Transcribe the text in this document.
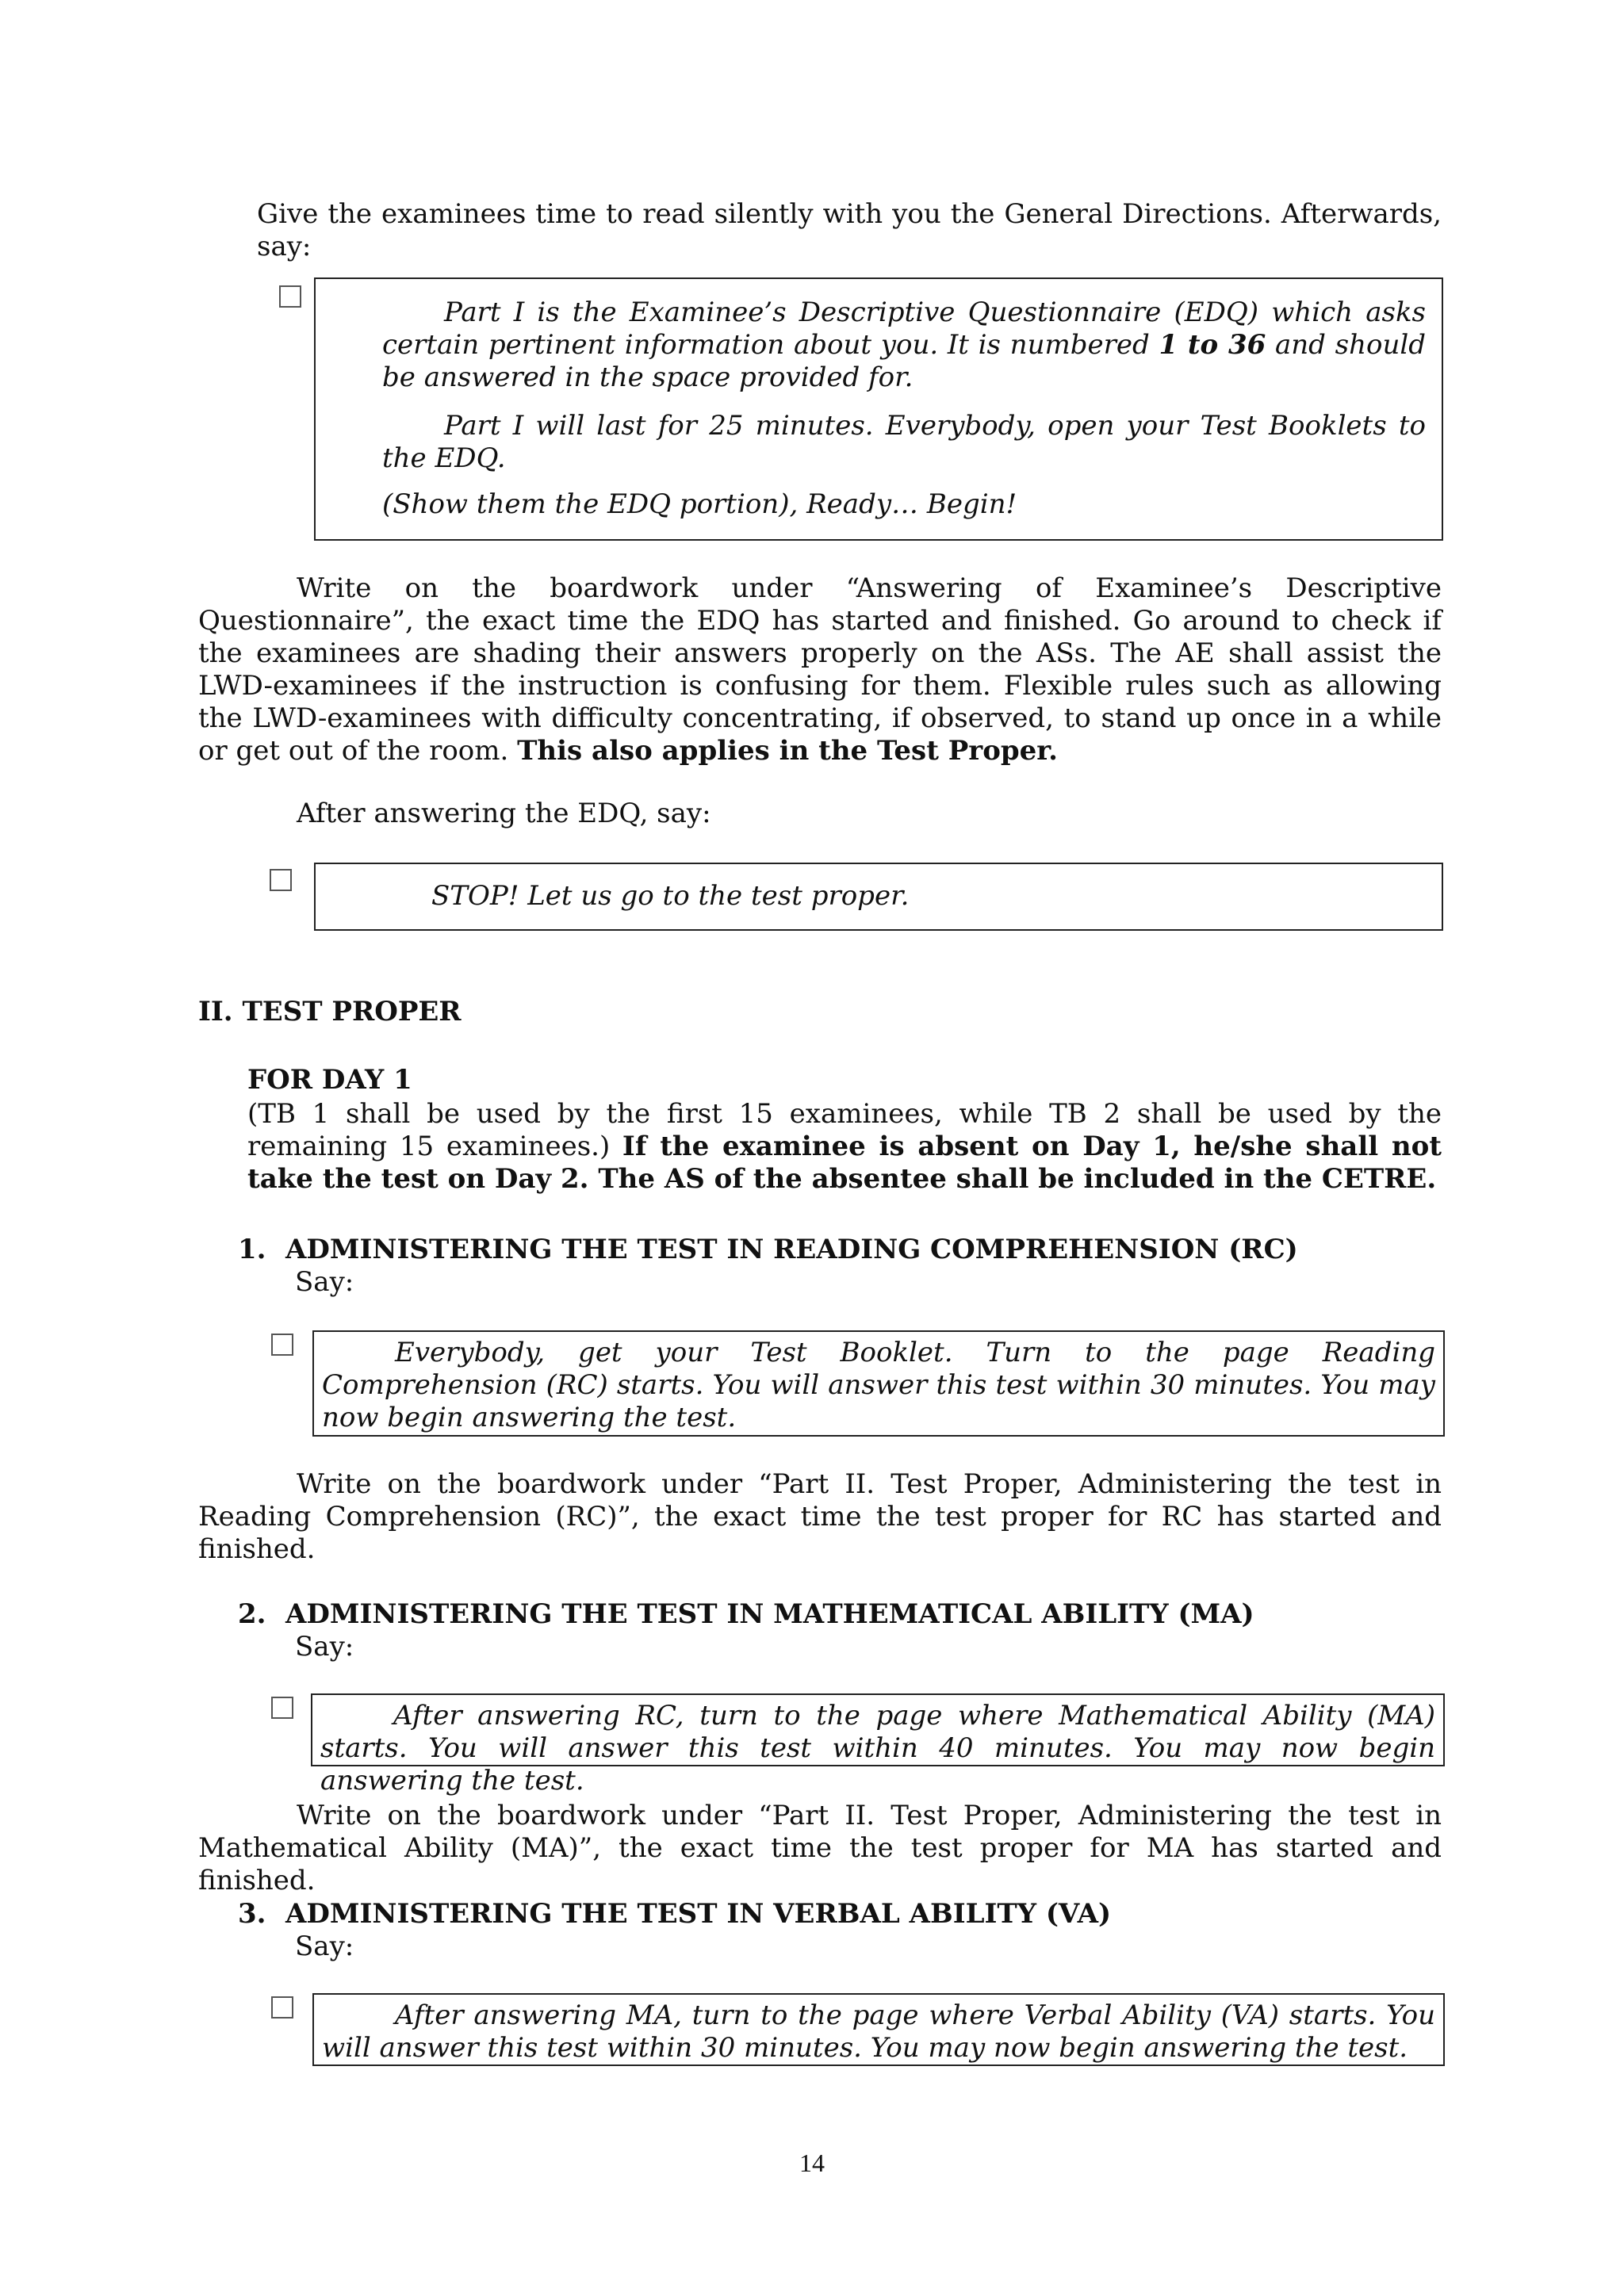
Give the examinees time to read silently with you the General Directions. Afterwards,

say:

Part I is the Examinee’s Descriptive Questionnaire (EDQ) which asks certain pertinent information about you. It is numbered 1 to 36 and should be answered in the space provided for.

Part I will last for 25 minutes. Everybody, open your Test Booklets to the EDQ.

(Show them the EDQ portion), Ready… Begin!

Write on the boardwork under “Answering of Examinee’s Descriptive Questionnaire”, the exact time the EDQ has started and finished. Go around to check if the examinees are shading their answers properly on the ASs. The AE shall assist the LWD-examinees if the instruction is confusing for them. Flexible rules such as allowing the LWD-examinees with difficulty concentrating, if observed, to stand up once in a while or get out of the room. This also applies in the Test Proper.

After answering the EDQ, say:

STOP! Let us go to the test proper.

II. TEST PROPER

FOR DAY 1

(TB 1 shall be used by the first 15 examinees, while TB 2 shall be used by the remaining 15 examinees.) If the examinee is absent on Day 1, he/she shall not take the test on Day 2. The AS of the absentee shall be included in the CETRE.

1. ADMINISTERING THE TEST IN READING COMPREHENSION (RC)

Say:

Everybody, get your Test Booklet. Turn to the page Reading Comprehension (RC) starts. You will answer this test within 30 minutes. You may now begin answering the test.

Write on the boardwork under “Part II. Test Proper, Administering the test in Reading Comprehension (RC)”, the exact time the test proper for RC has started and finished.

2. ADMINISTERING THE TEST IN MATHEMATICAL ABILITY (MA)

Say:

After answering RC, turn to the page where Mathematical Ability (MA) starts. You will answer this test within 40 minutes. You may now begin answering the test.

Write on the boardwork under “Part II. Test Proper, Administering the test in Mathematical Ability (MA)”, the exact time the test proper for MA has started and finished.

3. ADMINISTERING THE TEST IN VERBAL ABILITY (VA)

Say:

After answering MA, turn to the page where Verbal Ability (VA) starts. You will answer this test within 30 minutes. You may now begin answering the test.

14
